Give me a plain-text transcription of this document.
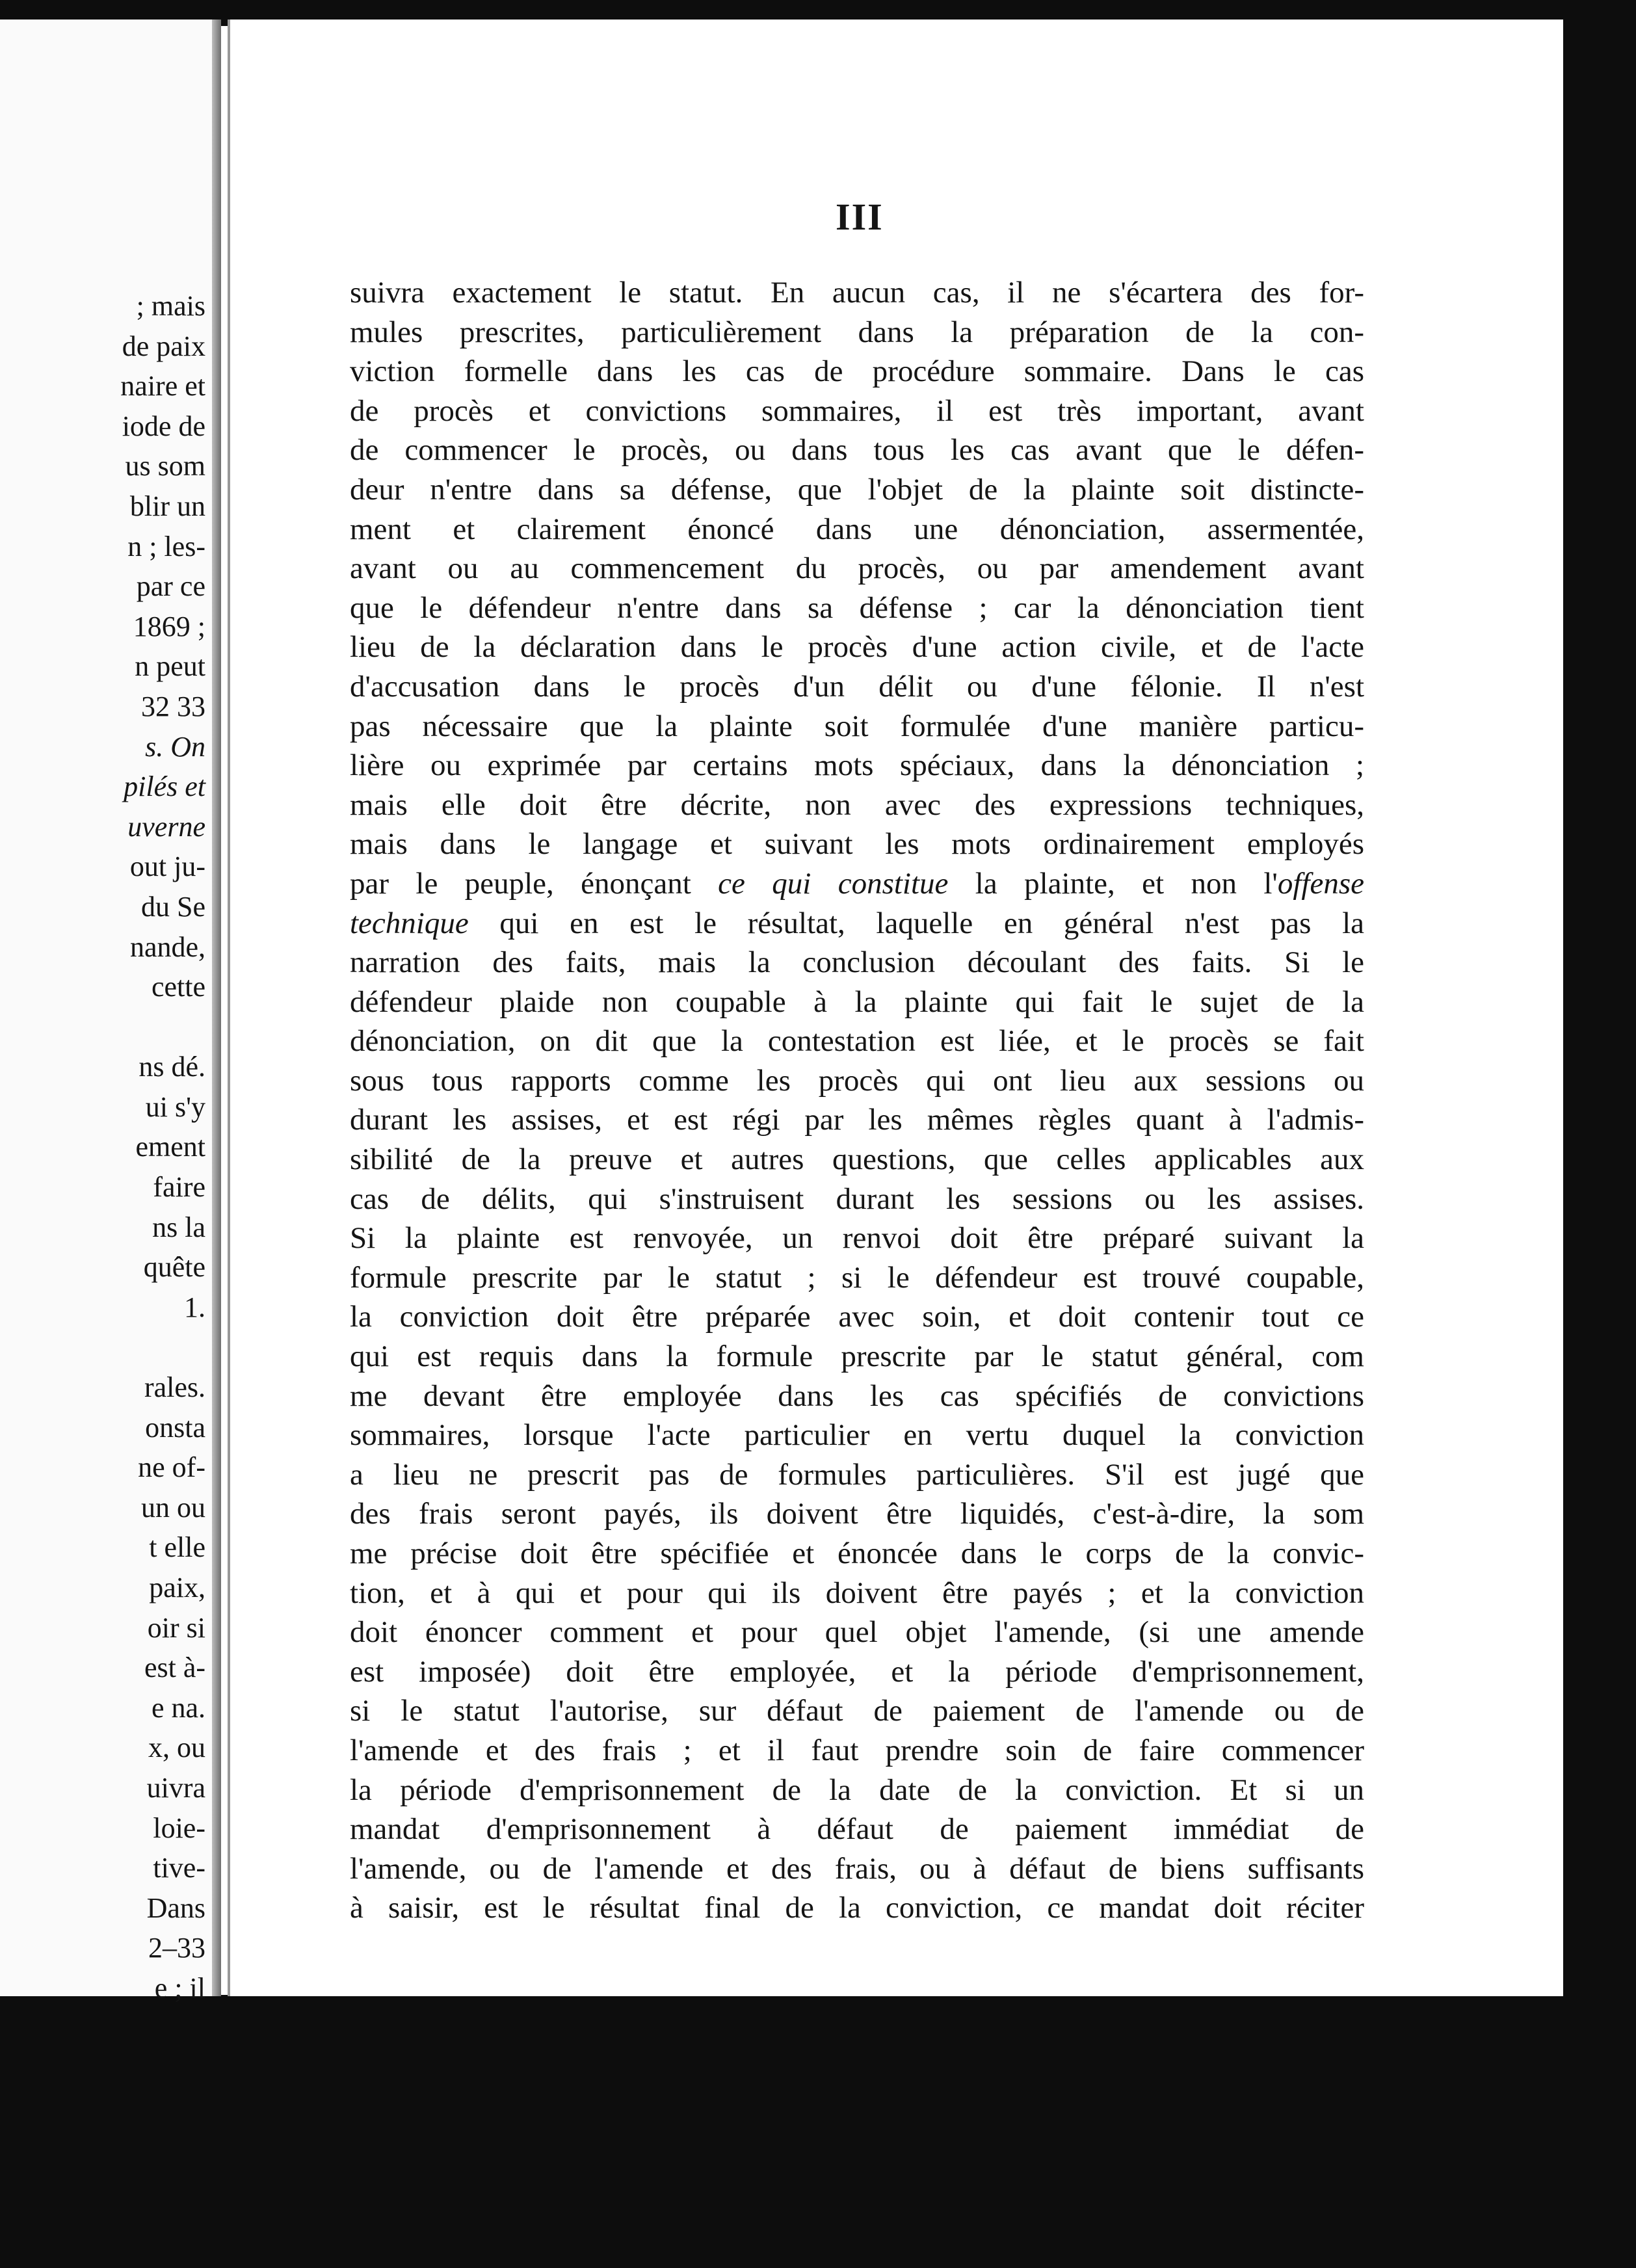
; mais
de paix
naire et
iode de
us som
blir un
n ; les-
par ce
1869 ;
n peut
32 33
s. On
pilés et
uverne
out ju-
du Se
nande,
cette
ns dé.
ui s'y
ement
faire
ns la
quête
1.
rales.
onsta
ne of-
un ou
t elle
paix,
oir si
est à-
e na.
x, ou
uivra
loie-
tive-
Dans
2–33
e ; il
III
suivra exactement le statut. En aucun cas, il ne s'écartera des for-
mules prescrites, particulièrement dans la préparation de la con-
viction formelle dans les cas de procédure sommaire. Dans le cas
de procès et convictions sommaires, il est très important, avant
de commencer le procès, ou dans tous les cas avant que le défen-
deur n'entre dans sa défense, que l'objet de la plainte soit distincte-
ment et clairement énoncé dans une dénonciation, assermentée,
avant ou au commencement du procès, ou par amendement avant
que le défendeur n'entre dans sa défense ; car la dénonciation tient
lieu de la déclaration dans le procès d'une action civile, et de l'acte
d'accusation dans le procès d'un délit ou d'une félonie. Il n'est
pas nécessaire que la plainte soit formulée d'une manière particu-
lière ou exprimée par certains mots spéciaux, dans la dénonciation ;
mais elle doit être décrite, non avec des expressions techniques,
mais dans le langage et suivant les mots ordinairement employés
par le peuple, énonçant ce qui constitue la plainte, et non l'offense
technique qui en est le résultat, laquelle en général n'est pas la
narration des faits, mais la conclusion découlant des faits. Si le
défendeur plaide non coupable à la plainte qui fait le sujet de la
dénonciation, on dit que la contestation est liée, et le procès se fait
sous tous rapports comme les procès qui ont lieu aux sessions ou
durant les assises, et est régi par les mêmes règles quant à l'admis-
sibilité de la preuve et autres questions, que celles applicables aux
cas de délits, qui s'instruisent durant les sessions ou les assises.
Si la plainte est renvoyée, un renvoi doit être préparé suivant la
formule prescrite par le statut ; si le défendeur est trouvé coupable,
la conviction doit être préparée avec soin, et doit contenir tout ce
qui est requis dans la formule prescrite par le statut général, com
me devant être employée dans les cas spécifiés de convictions
sommaires, lorsque l'acte particulier en vertu duquel la conviction
a lieu ne prescrit pas de formules particulières. S'il est jugé que
des frais seront payés, ils doivent être liquidés, c'est-à-dire, la som
me précise doit être spécifiée et énoncée dans le corps de la convic-
tion, et à qui et pour qui ils doivent être payés ; et la conviction
doit énoncer comment et pour quel objet l'amende, (si une amende
est imposée) doit être employée, et la période d'emprisonnement,
si le statut l'autorise, sur défaut de paiement de l'amende ou de
l'amende et des frais ; et il faut prendre soin de faire commencer
la période d'emprisonnement de la date de la conviction. Et si un
mandat d'emprisonnement à défaut de paiement immédiat de
l'amende, ou de l'amende et des frais, ou à défaut de biens suffisants
à saisir, est le résultat final de la conviction, ce mandat doit réciter
